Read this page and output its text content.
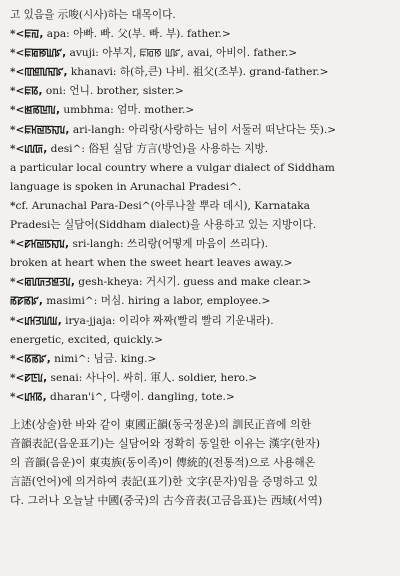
고 있음을 示唆(시사)하는 대목이다.
*<ꡀꡌ, apa: 아빠. 빠. 父(부. 빠. 부). father.>
*<ꡀꡂꡐꡆꡜ, avuji: 아부지, ꡀꡂꡐ ꡆꡜ, avai, 아비이. father.>
*<ꡄꡁꡃꡎꡜ, khanavi: 하(하,큰) 나비. 祖父(조부). grand-father.>
*<ꡀꡋ, oni: 언니. brother, sister.>
*<ꡓꡏꡖꡃ, umbhma: 엄마. mother.>
*<ꡀꡘꡙꡑꡍꡊ, ari-langh: 아리랑(사랑하는 님이 서둘러 떠난다는 뜻).>
*<ꡊꡦꡚ, desi^: 俗된 실담 方言(방언)을 사용하는 지방.
a particular local country where a vulgar dialect of Siddham
language is spoken in Arunachal Pradesi^.
*cf. Arunachal Para-Desi^(아루나찰 뿌라 데시), Karnataka
Pradesi는 실담어(Siddham dialect)을 사용하고 있는 지방이다.
*<ꡛꡘꡙꡑꡍꡊ, sri-langh: 쓰리랑(어떻게 마음이 쓰리다).
broken at heart when the sweet heart leaves away.>
*<ꡂꡦꡚꡗꡁꡗꡦ, gesh-kheya: 거시기. guess and make clear.>
ꡏꡛꡏꡜ, masimi^: 머심. hiring a labor, employee.>
*<ꡊꡘꡗꡆꡆ, irya-jjaja: 이리야 짜짜(빨리 빨리 기운내라).
energetic, excited, quickly.>
*<ꡋꡏꡜ, nimi^: 님금. king.>
*<ꡛꡇꡦ, senai: 사나이. 싸히. 軍人. soldier, hero.>
*<ꡊꡘꡋ, dharan'i^, 다랭이. dangling, tote.>
上述(상술)한 바와 같이 東國正韻(동국정운)의 訓民正音에 의한
音韻表記(음운표기)는 실담어와 정확히 동일한 이유는 漢字(한자)
의 音韻(음운)이 東夷族(동이족)이 傳統的(전통적)으로 사용해온
言語(언어)에 의거하여 表記(표기)한 文字(문자)임을 증명하고 있
다. 그러나 오늘날 中國(중국)의 古今音表(고금음표)는 西域(서역)
